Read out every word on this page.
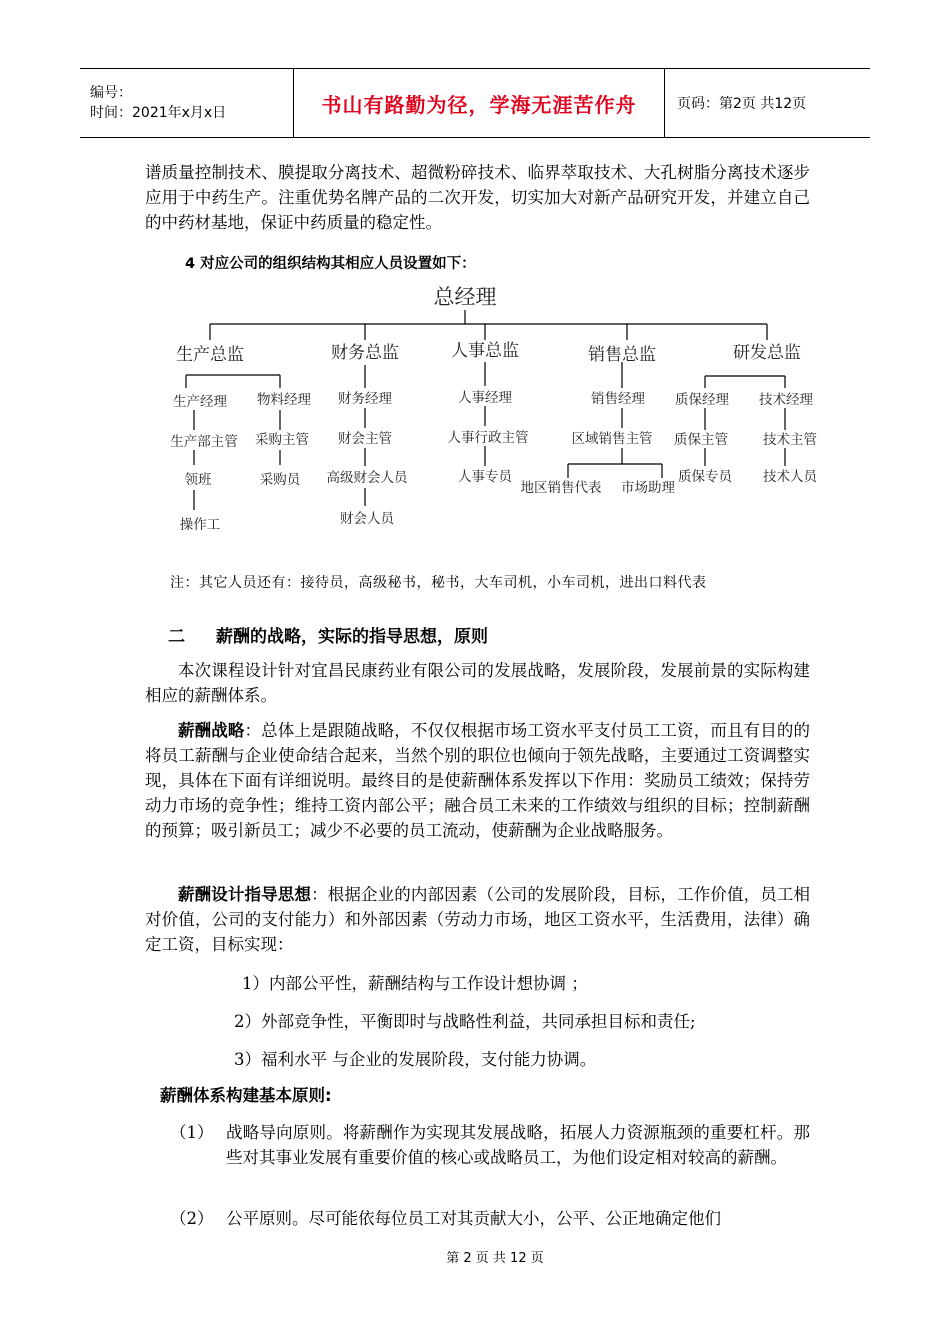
编号：
时间：2021年x月x日	书山有路勤为径，学海无涯苦作舟	页码：第2页 共12页

谱质量控制技术、膜提取分离技术、超微粉碎技术、临界萃取技术、大孔树脂分离技术逐步应用于中药生产。注重优势名牌产品的二次开发，切实加大对新产品研究开发，并建立自己的中药材基地，保证中药质量的稳定性。

4 对应公司的组织结构其相应人员设置如下：
总经理
生产总监	财务总监	人事总监	销售总监	研发总监
生产经理
生产部主管
领班
操作工
物料经理
采购主管
采购员
财务经理
财会主管
高级财会人员
财会人员
人事经理
人事行政主管
人事专员
销售经理
区域销售主管
地区销售代表 市场助理
质保经理
质保主管
质保专员
技术经理
技术主管
技术人员
注：其它人员还有：接待员，高级秘书，秘书，大车司机，小车司机，进出口料代表
二 薪酬的战略，实际的指导思想，原则
本次课程设计针对宜昌民康药业有限公司的发展战略，发展阶段，发展前景的实际构建相应的薪酬体系。
薪酬战略：总体上是跟随战略，不仅仅根据市场工资水平支付员工工资，而且有目的的将员工薪酬与企业使命结合起来，当然个别的职位也倾向于领先战略，主要通过工资调整实现，具体在下面有详细说明。最终目的是使薪酬体系发挥以下作用：奖励员工绩效；保持劳动力市场的竞争性；维持工资内部公平；融合员工未来的工作绩效与组织的目标；控制薪酬的预算；吸引新员工；减少不必要的员工流动，使薪酬为企业战略服务。
薪酬设计指导思想：根据企业的内部因素（公司的发展阶段，目标，工作价值，员工相对价值，公司的支付能力）和外部因素（劳动力市场，地区工资水平，生活费用，法律）确定工资，目标实现：
1）内部公平性，薪酬结构与工作设计想协调 ；
2）外部竞争性，平衡即时与战略性利益，共同承担目标和责任;
3）福利水平 与企业的发展阶段，支付能力协调。
薪酬体系构建基本原则:
（1） 战略导向原则。将薪酬作为实现其发展战略，拓展人力资源瓶颈的重要杠杆。那些对其事业发展有重要价值的核心或战略员工，为他们设定相对较高的薪酬。
（2） 公平原则。尽可能依每位员工对其贡献大小，公平、公正地确定他们
第 2 页 共 12 页
